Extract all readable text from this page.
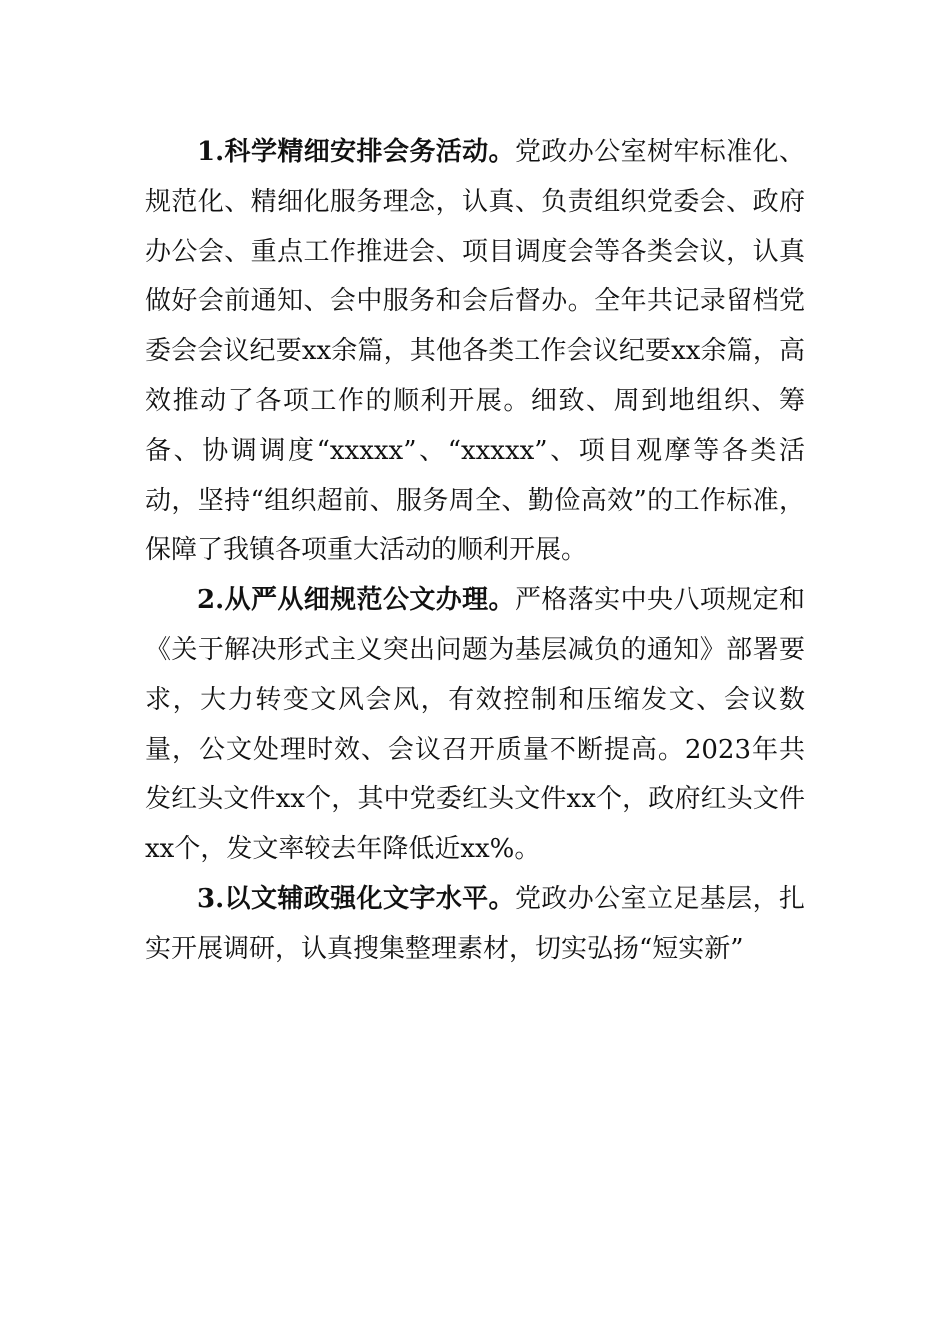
1.科学精细安排会务活动。党政办公室树牢标准化、规范化、精细化服务理念，认真、负责组织党委会、政府办公会、重点工作推进会、项目调度会等各类会议，认真做好会前通知、会中服务和会后督办。全年共记录留档党委会会议纪要xx余篇，其他各类工作会议纪要xx余篇，高效推动了各项工作的顺利开展。细致、周到地组织、筹备、协调调度“xxxxx”、“xxxxx”、项目观摩等各类活动，坚持“组织超前、服务周全、勤俭高效”的工作标准，保障了我镇各项重大活动的顺利开展。

2.从严从细规范公文办理。严格落实中央八项规定和《关于解决形式主义突出问题为基层减负的通知》部署要求，大力转变文风会风，有效控制和压缩发文、会议数量，公文处理时效、会议召开质量不断提高。2023年共发红头文件xx个，其中党委红头文件xx个，政府红头文件xx个，发文率较去年降低近xx%。

3.以文辅政强化文字水平。党政办公室立足基层，扎实开展调研，认真搜集整理素材，切实弘扬“短实新”
